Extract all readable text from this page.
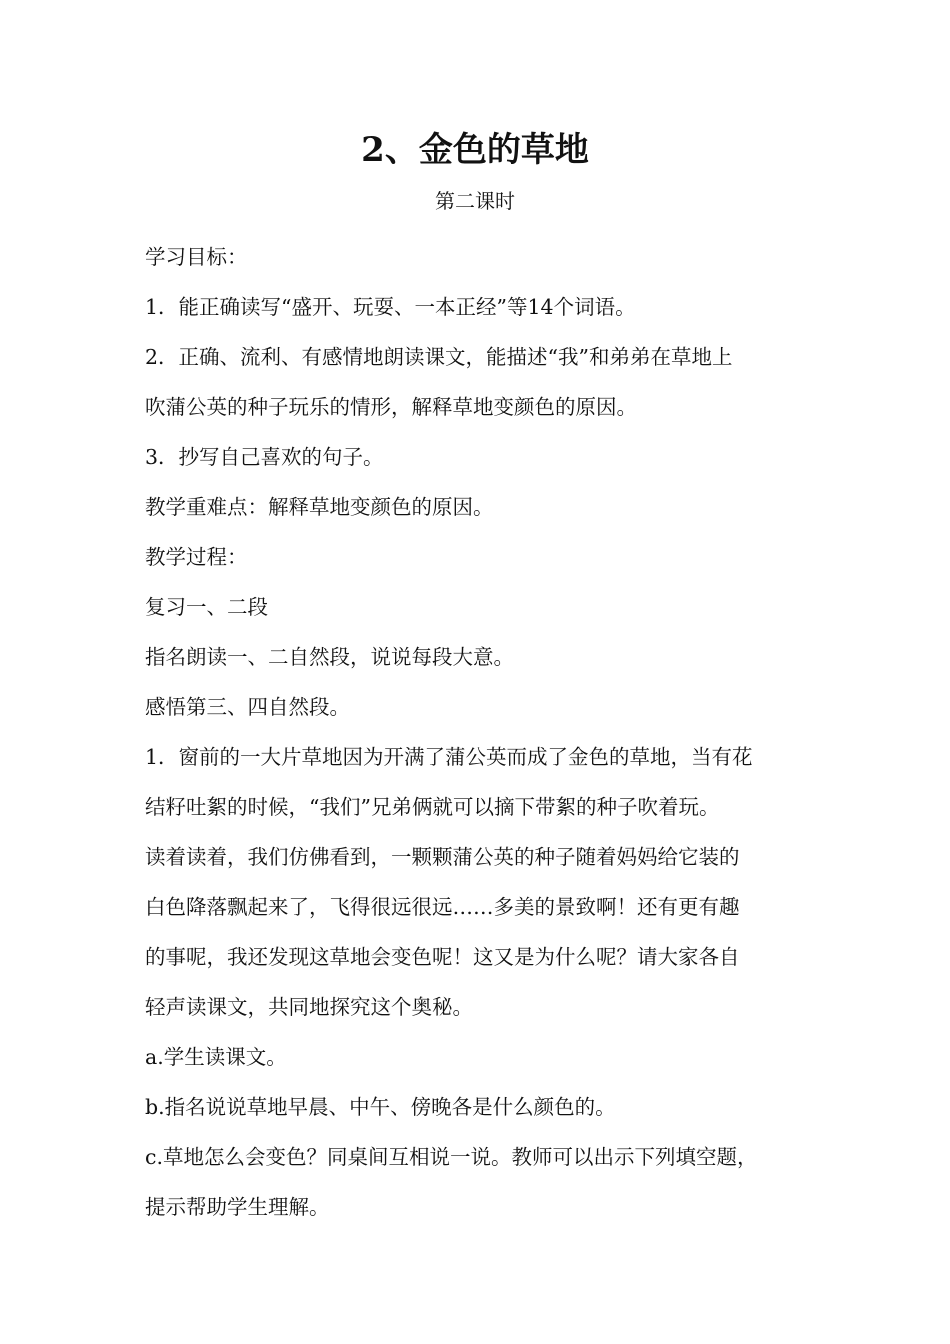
2、金色的草地

第二课时

学习目标：

1．能正确读写“盛开、玩耍、一本正经”等14个词语。

2．正确、流利、有感情地朗读课文，能描述“我”和弟弟在草地上

吹蒲公英的种子玩乐的情形，解释草地变颜色的原因。

3．抄写自己喜欢的句子。

教学重难点：解释草地变颜色的原因。

教学过程：

复习一、二段

指名朗读一、二自然段，说说每段大意。

感悟第三、四自然段。

1．窗前的一大片草地因为开满了蒲公英而成了金色的草地，当有花

结籽吐絮的时候，“我们”兄弟俩就可以摘下带絮的种子吹着玩。

读着读着，我们仿佛看到，一颗颗蒲公英的种子随着妈妈给它装的

白色降落飘起来了，飞得很远很远……多美的景致啊！还有更有趣

的事呢，我还发现这草地会变色呢！这又是为什么呢？请大家各自

轻声读课文，共同地探究这个奥秘。

a.学生读课文。

b.指名说说草地早晨、中午、傍晚各是什么颜色的。

c.草地怎么会变色？同桌间互相说一说。教师可以出示下列填空题，

提示帮助学生理解。
